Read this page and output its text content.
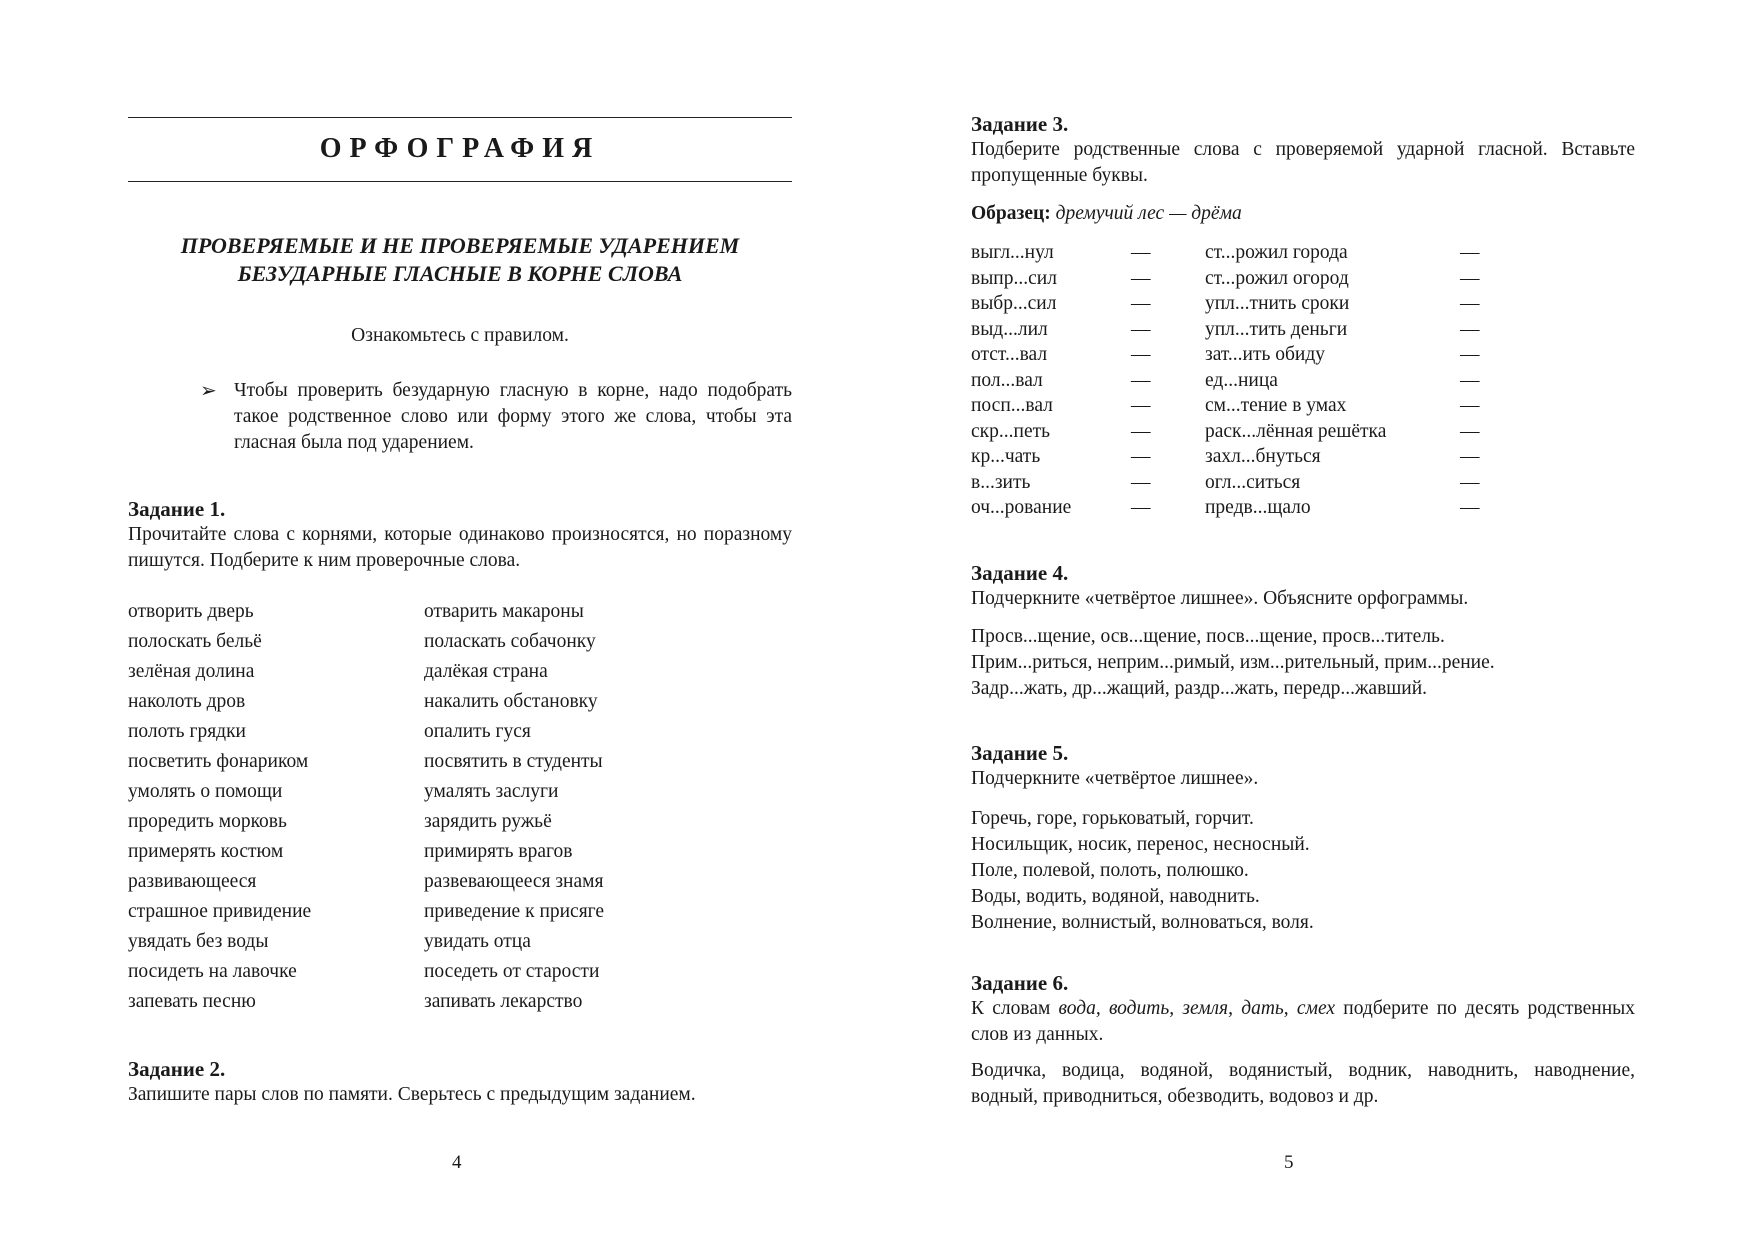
ОРФОГРАФИЯ
ПРОВЕРЯЕМЫЕ И НЕ ПРОВЕРЯЕМЫЕ УДАРЕНИЕМ
БЕЗУДАРНЫЕ ГЛАСНЫЕ В КОРНЕ СЛОВА
Ознакомьтесь с правилом.
➢ Чтобы проверить безударную гласную в корне, надо подобрать такое родственное слово или форму этого же слова, чтобы эта гласная была под ударением.
Задание 1.
Прочитайте слова с корнями, которые одинаково произносятся, но поразному пишутся. Подберите к ним проверочные слова.
отворить дверь
полоскать бельё
зелёная долина
наколоть дров
полоть грядки
посветить фонариком
умолять о помощи
проредить морковь
примерять костюм
развивающееся
страшное привидение
увядать без воды
посидеть на лавочке
запевать песню
отварить макароны
поласкать собачонку
далёкая страна
накалить обстановку
опалить гуся
посвятить в студенты
умалять заслуги
зарядить ружьё
примирять врагов
развевающееся знамя
приведение к присяге
увидать отца
поседеть от старости
запивать лекарство
Задание 2.
Запишите пары слов по памяти. Сверьтесь с предыдущим заданием.
4
Задание 3.
Подберите родственные слова с проверяемой ударной гласной. Вставьте пропущенные буквы.
Образец: дремучий лес — дрёма
выгл...нул
выпр...сил
выбр...сил
выд...лил
отст...вал
пол...вал
посп...вал
скр...петь
кр...чать
в...зить
оч...рование
—
—
—
—
—
—
—
—
—
—
—
ст...рожил города
ст...рожил огород
упл...тнить сроки
упл...тить деньги
зат...ить обиду
ед...ница
см...тение в умах
раск...лённая решётка
захл...бнуться
огл...ситься
предв...щало
—
—
—
—
—
—
—
—
—
—
—
Задание 4.
Подчеркните «четвёртое лишнее». Объясните орфограммы.
Просв...щение, осв...щение, посв...щение, просв...титель.
Прим...риться, неприм...римый, изм...рительный, прим...рение.
Задр...жать, др...жащий, раздр...жать, передр...жавший.
Задание 5.
Подчеркните «четвёртое лишнее».
Горечь, горе, горьковатый, горчит.
Носильщик, носик, перенос, несносный.
Поле, полевой, полоть, полюшко.
Воды, водить, водяной, наводнить.
Волнение, волнистый, волноваться, воля.
Задание 6.
К словам вода, водить, земля, дать, смех подберите по десять родственных слов из данных.
Водичка, водица, водяной, водянистый, водник, наводнить, наводнение, водный, приводниться, обезводить, водовоз и др.
5
